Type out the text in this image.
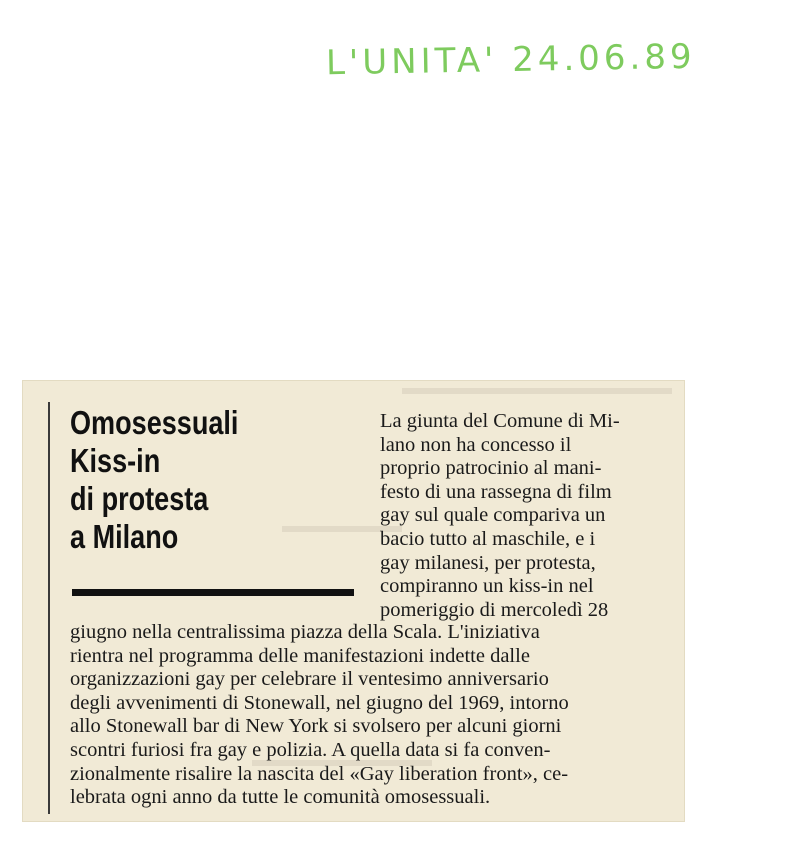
L'UNITA' 24.06.89
Omosessuali
Kiss-in
di protesta
a Milano
La giunta del Comune di Mi-
lano non ha concesso il
proprio patrocinio al mani-
festo di una rassegna di film
gay sul quale compariva un
bacio tutto al maschile, e i
gay milanesi, per protesta,
compiranno un kiss-in nel
pomeriggio di mercoledì 28
giugno nella centralissima piazza della Scala. L'iniziativa
rientra nel programma delle manifestazioni indette dalle
organizzazioni gay per celebrare il ventesimo anniversario
degli avvenimenti di Stonewall, nel giugno del 1969, intorno
allo Stonewall bar di New York si svolsero per alcuni giorni
scontri furiosi fra gay e polizia. A quella data si fa conven-
zionalmente risalire la nascita del «Gay liberation front», ce-
lebrata ogni anno da tutte le comunità omosessuali.
